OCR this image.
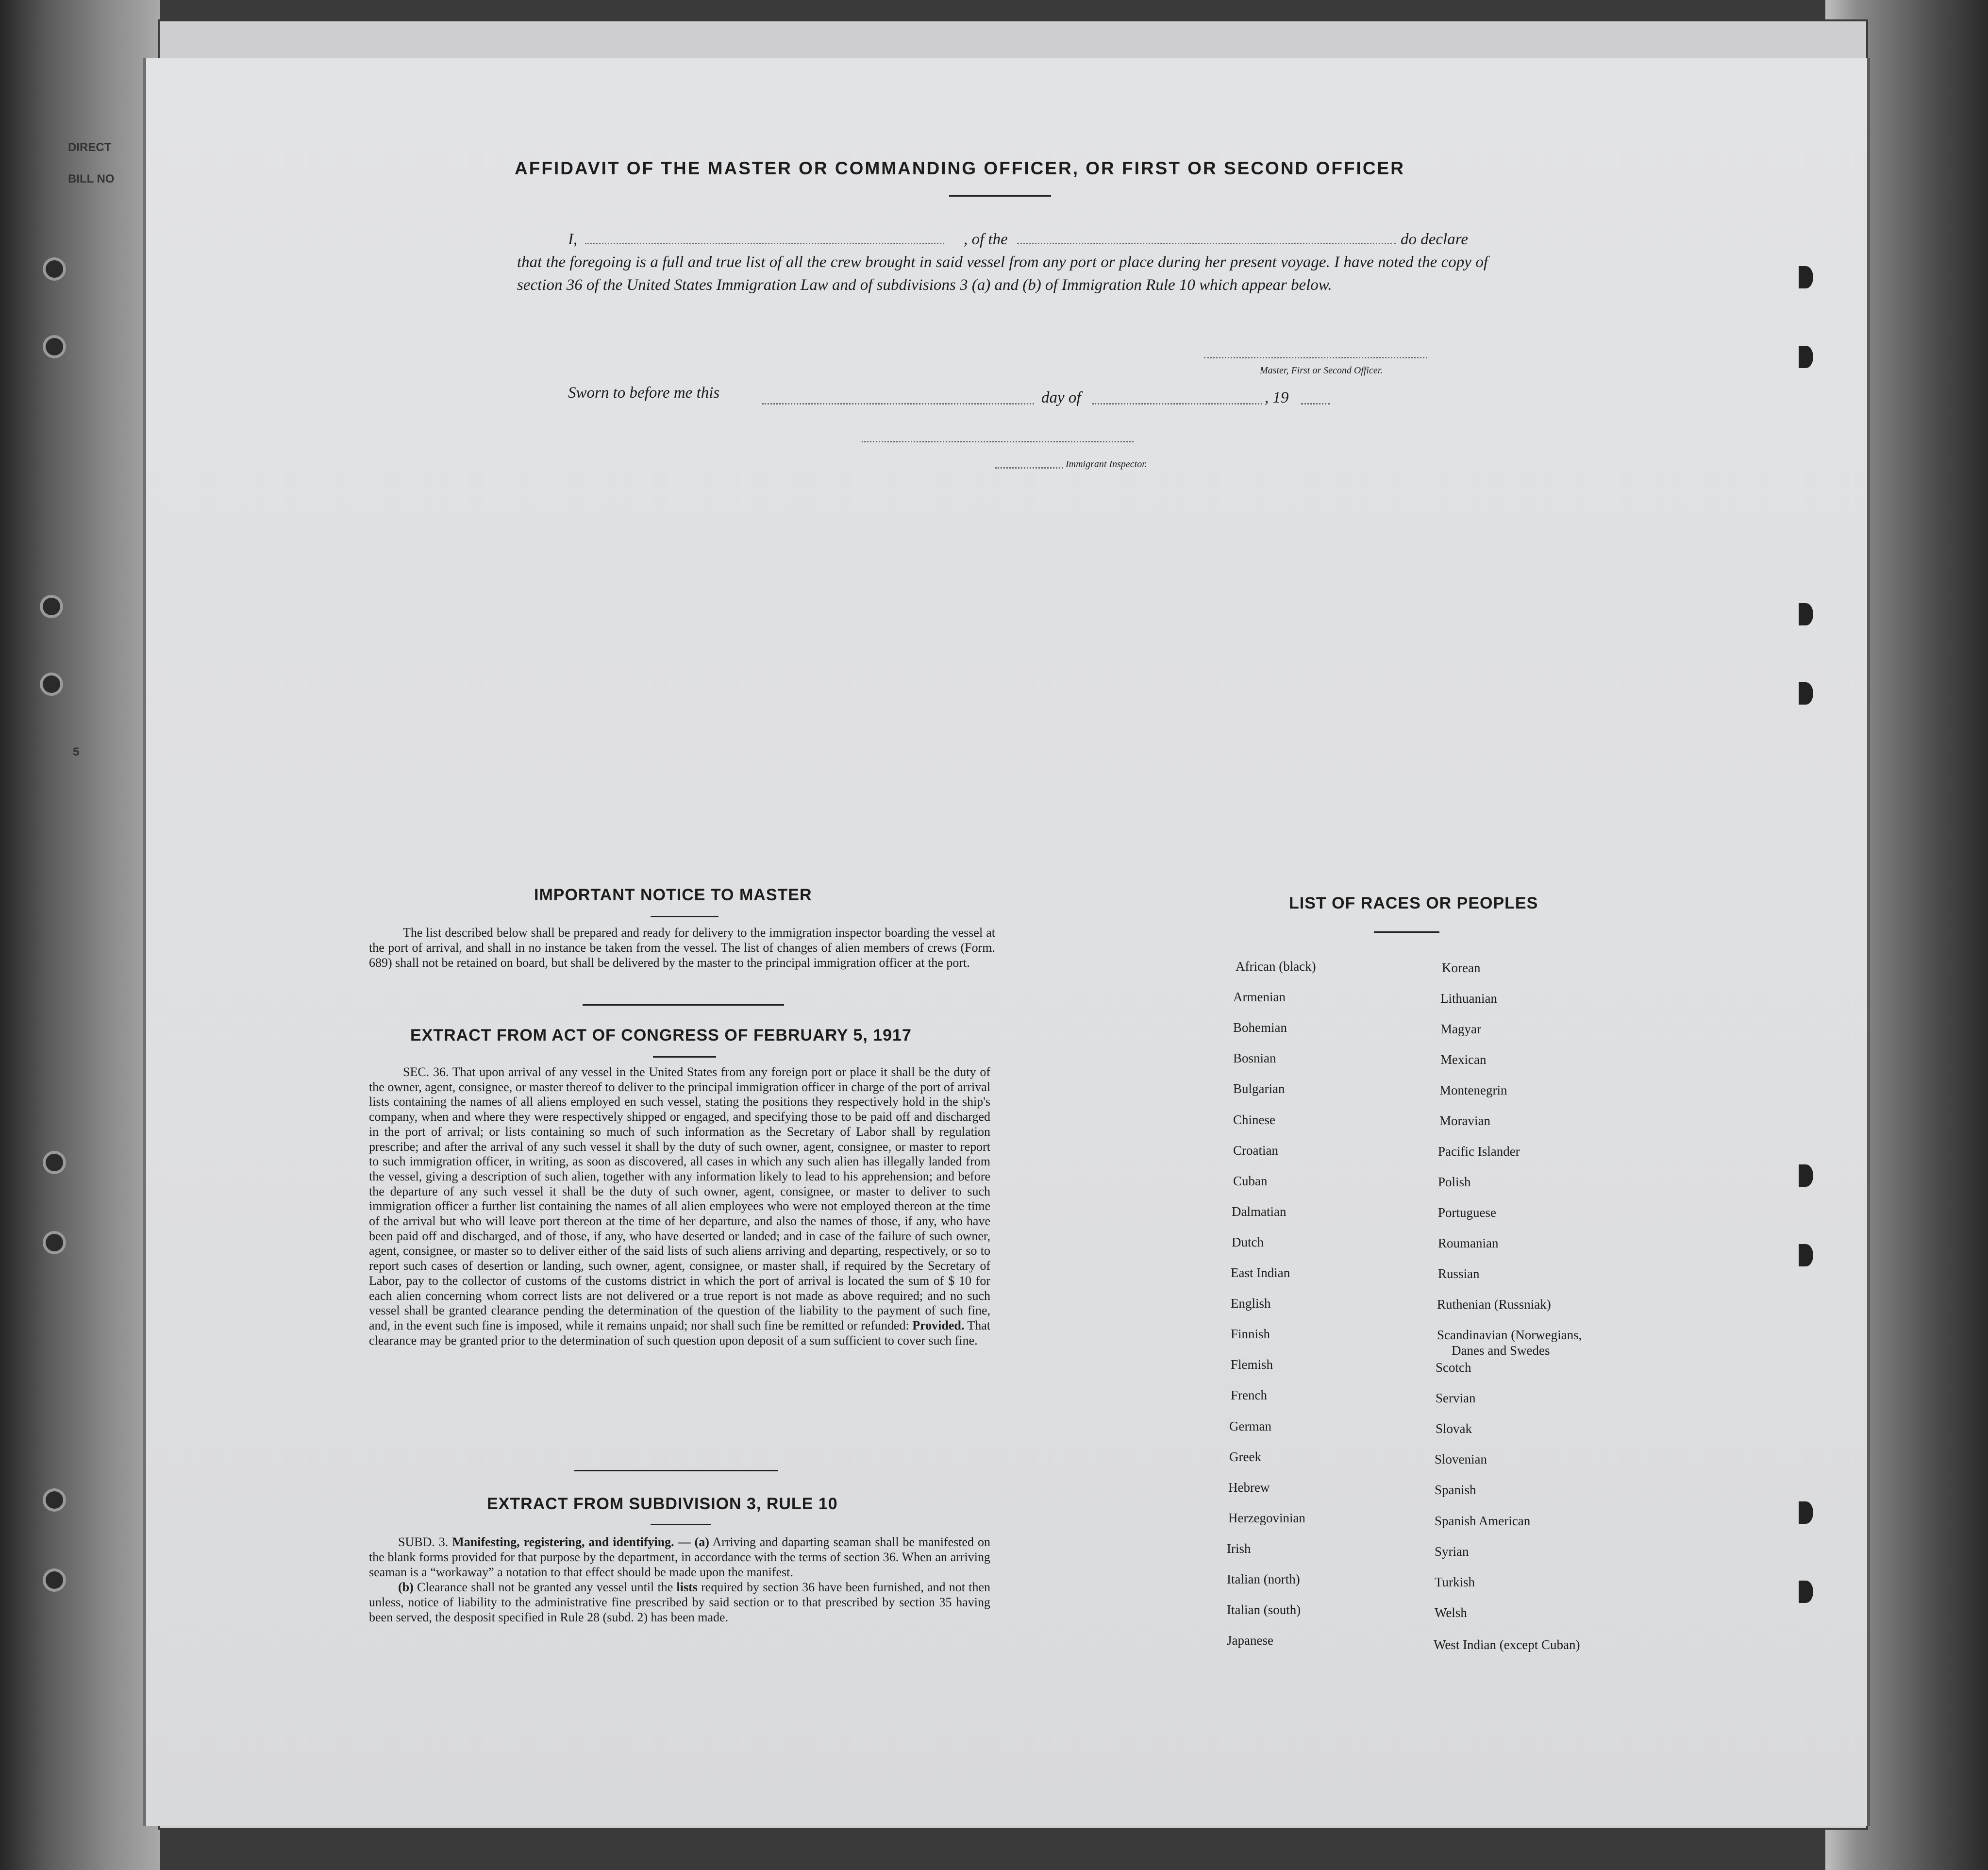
DIRECT
BILL NO
5
AFFIDAVIT OF THE MASTER OR COMMANDING OFFICER, OR FIRST OR SECOND OFFICER
I,	, of the	do declare
that the foregoing is a full and true list of all the crew brought in said vessel from any port or place during her present voyage. I have noted the copy of section 36 of the United States Immigration Law and of subdivisions 3 (a) and (b) of Immigration Rule 10 which appear below.
Master, First or Second Officer.
Sworn to before me this	day of	, 19
Immigrant Inspector.
IMPORTANT NOTICE TO MASTER
The list described below shall be prepared and ready for delivery to the immigration inspector boarding the vessel at the port of arrival, and shall in no instance be taken from the vessel. The list of changes of alien members of crews (Form. 689) shall not be retained on board, but shall be delivered by the master to the principal immigration officer at the port.
EXTRACT FROM ACT OF CONGRESS OF FEBRUARY 5, 1917
SEC. 36. That upon arrival of any vessel in the United States from any foreign port or place it shall be the duty of the owner, agent, consignee, or master thereof to deliver to the principal immigration officer in charge of the port of arrival lists containing the names of all aliens employed en such vessel, stating the positions they respectively hold in the ship's company, when and where they were respectively shipped or engaged, and specifying those to be paid off and discharged in the port of arrival; or lists containing so much of such information as the Secretary of Labor shall by regulation prescribe; and after the arrival of any such vessel it shall by the duty of such owner, agent, consignee, or master to report to such immigration officer, in writing, as soon as discovered, all cases in which any such alien has illegally landed from the vessel, giving a description of such alien, together with any information likely to lead to his apprehension; and before the departure of any such vessel it shall be the duty of such owner, agent, consignee, or master to deliver to such immigration officer a further list containing the names of all alien employees who were not employed thereon at the time of the arrival but who will leave port thereon at the time of her departure, and also the names of those, if any, who have been paid off and discharged, and of those, if any, who have deserted or landed; and in case of the failure of such owner, agent, consignee, or master so to deliver either of the said lists of such aliens arriving and departing, respectively, or so to report such cases of desertion or landing, such owner, agent, consignee, or master shall, if required by the Secretary of Labor, pay to the collector of customs of the customs district in which the port of arrival is located the sum of $ 10 for each alien concerning whom correct lists are not delivered or a true report is not made as above required; and no such vessel shall be granted clearance pending the determination of the question of the liability to the payment of such fine, and, in the event such fine is imposed, while it remains unpaid; nor shall such fine be remitted or refunded: Provided. That clearance may be granted prior to the determination of such question upon deposit of a sum sufficient to cover such fine.
EXTRACT FROM SUBDIVISION 3, RULE 10

SUBD. 3. Manifesting, registering, and identifying. — (a) Arriving and daparting seaman shall be manifested on the blank forms provided for that purpose by the department, in accordance with the terms of section 36. When an arriving seaman is a “workaway” a notation to that effect should be made upon the manifest.

(b) Clearance shall not be granted any vessel until the lists required by section 36 have been furnished, and not then unless, notice of liability to the administrative fine prescribed by said section or to that prescribed by section 35 having been served, the desposit specified in Rule 28 (subd. 2) has been made.

LIST OF RACES OR PEOPLES
African (black)
Armenian
Bohemian
Bosnian
Bulgarian
Chinese
Croatian
Cuban
Dalmatian
Dutch
East Indian
English
Finnish
Flemish
French
German
Greek
Hebrew
Herzegovinian
Irish
Italian (north)
Italian (south)
Japanese
Korean
Lithuanian
Magyar
Mexican
Montenegrin
Moravian
Pacific Islander
Polish
Portuguese
Roumanian
Russian
Ruthenian (Russniak)
Scandinavian (Norwegians,
Danes and Swedes
Scotch
Servian
Slovak
Slovenian
Spanish
Spanish American
Syrian
Turkish
Welsh
West Indian (except Cuban)
